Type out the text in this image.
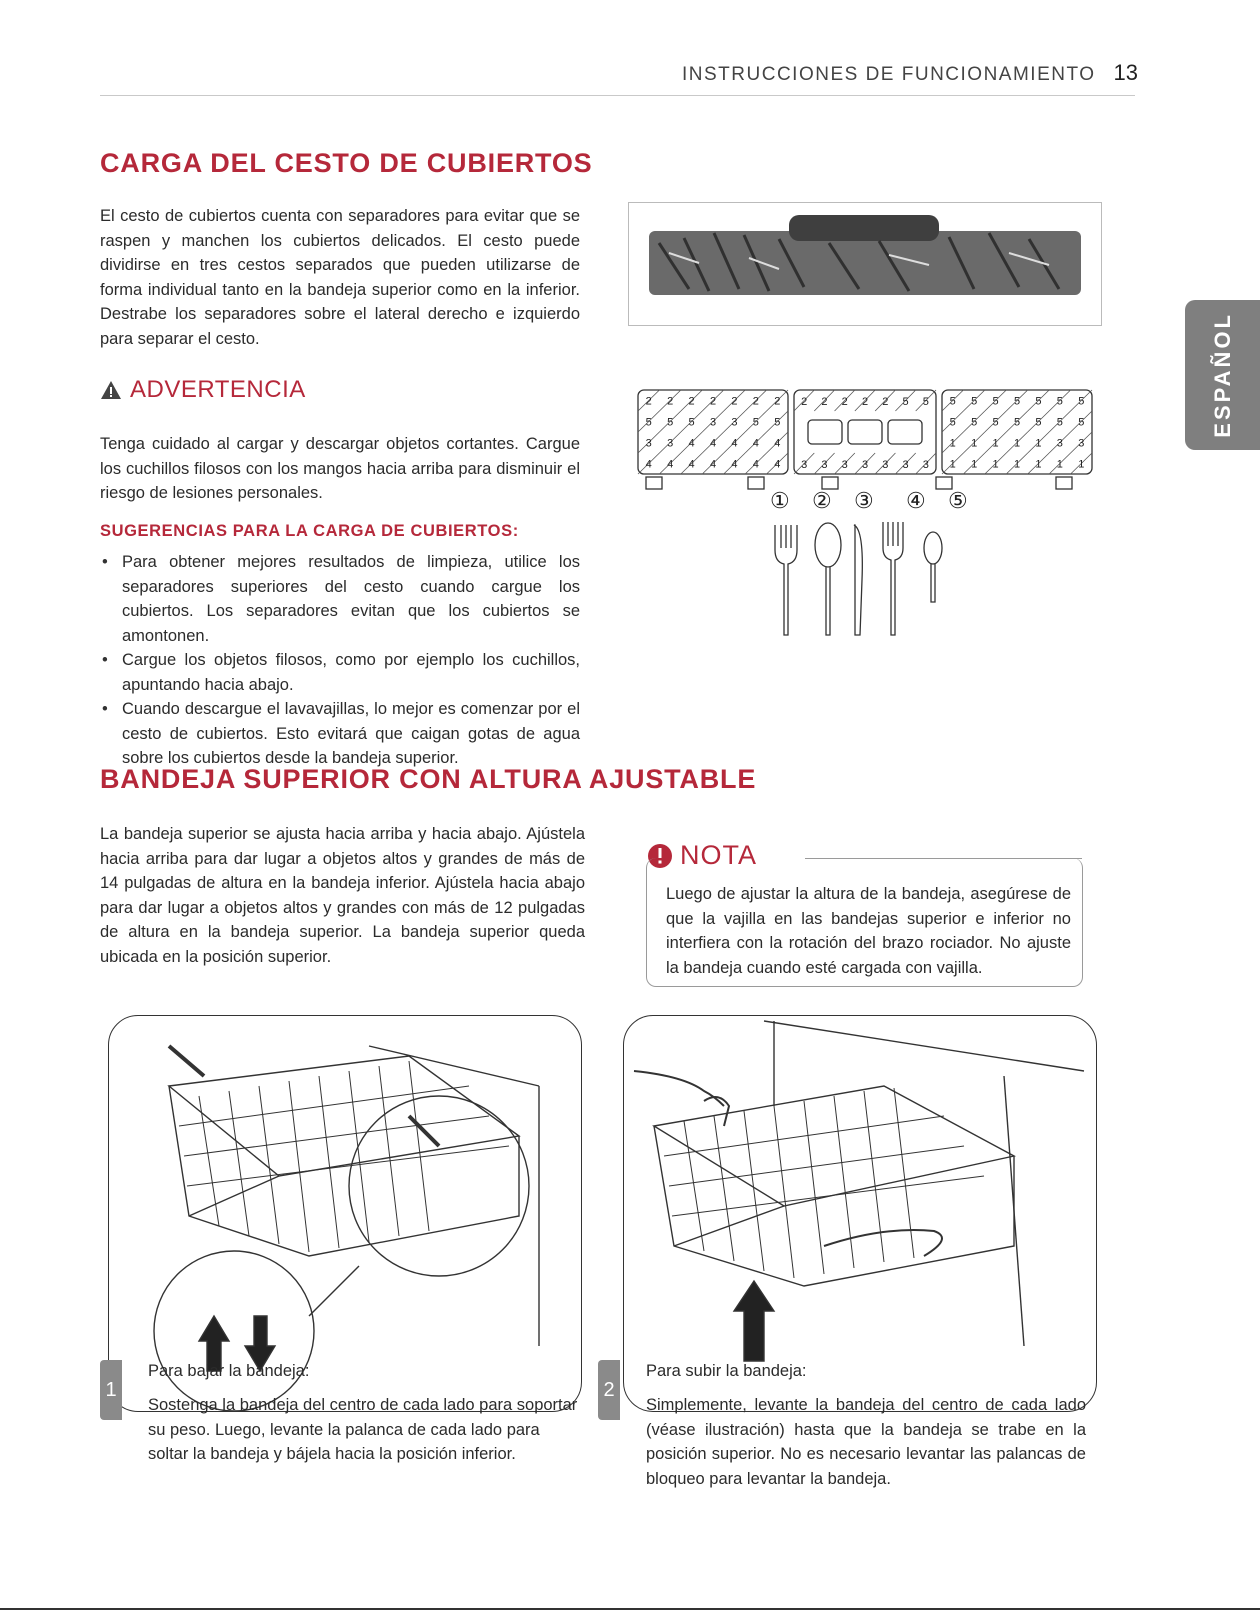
INSTRUCCIONES DE FUNCIONAMIENTO 13
ESPAÑOL
CARGA DEL CESTO DE CUBIERTOS
El cesto de cubiertos cuenta con separadores para evitar que se raspen y manchen los cubiertos delicados. El cesto puede dividirse en tres cestos separados que pueden utilizarse de forma individual tanto en la bandeja superior como en la inferior. Destrabe los separadores sobre el lateral derecho e izquierdo para separar el cesto.
ADVERTENCIA
Tenga cuidado al cargar y descargar objetos cortantes. Cargue los cuchillos filosos con los mangos hacia arriba para disminuir el riesgo de lesiones personales.
SUGERENCIAS PARA LA CARGA DE CUBIERTOS:
• Para obtener mejores resultados de limpieza, utilice los separadores superiores del cesto cuando cargue los cubiertos. Los separadores evitan que los cubiertos se amontonen.
• Cargue los objetos filosos, como por ejemplo los cuchillos, apuntando hacia abajo.
• Cuando descargue el lavavajillas, lo mejor es comenzar por el cesto de cubiertos. Esto evitará que caigan gotas de agua sobre los cubiertos desde la bandeja superior.
2 2 2 2 2 2 2
5 5 5 3 3 5 5
3 3 4 4 4 4 4
4 4 4 4 4 4 4
2 2 2 2 2 5 5
3 3 3 3 3 3 3
5 5 5 5 5 5 5
5 5 5 5 5 5 5
1 1 1 1 1 3 3
1 1 1 1 1 1 1
① ② ③ ④ ⑤
BANDEJA SUPERIOR CON ALTURA AJUSTABLE
La bandeja superior se ajusta hacia arriba y hacia abajo. Ajústela hacia arriba para dar lugar a objetos altos y grandes de más de 14 pulgadas de altura en la bandeja inferior. Ajústela hacia abajo para dar lugar a objetos altos y grandes con más de 12 pulgadas de altura en la bandeja superior. La bandeja superior queda ubicada en la posición superior.
NOTA
Luego de ajustar la altura de la bandeja, asegúrese de que la vajilla en las bandejas superior e inferior no interfiera con la rotación del brazo rociador. No ajuste la bandeja cuando esté cargada con vajilla.
1
Para bajar la bandeja:
Sostenga la bandeja del centro de cada lado para soportar su peso. Luego, levante la palanca de cada lado para soltar la bandeja y bájela hacia la posición inferior.
2
Para subir la bandeja:
Simplemente, levante la bandeja del centro de cada lado (véase ilustración) hasta que la bandeja se trabe en la posición superior. No es necesario levantar las palancas de bloqueo para levantar la bandeja.
